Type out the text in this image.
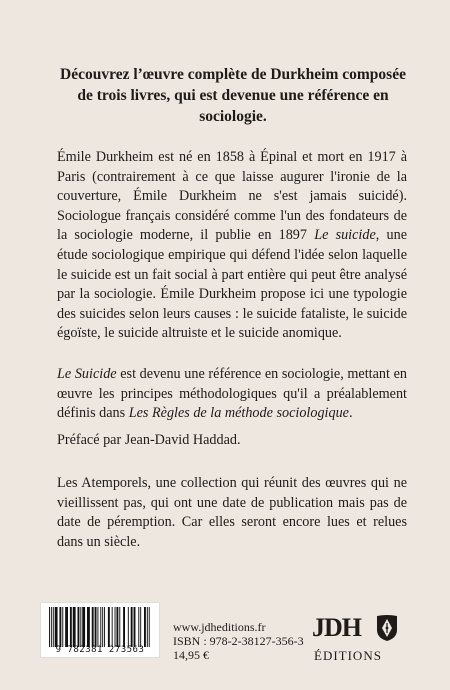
Découvrez l’œuvre complète de Durkheim composée de trois livres, qui est devenue une référence en sociologie.

Émile Durkheim est né en 1858 à Épinal et mort en 1917 à Paris (contrairement à ce que laisse augurer l'ironie de la couverture, Émile Durkheim ne s'est jamais suicidé). Sociologue français considéré comme l'un des fondateurs de la sociologie moderne, il publie en 1897 Le suicide, une étude sociologique empirique qui défend l'idée selon laquelle le suicide est un fait social à part entière qui peut être analysé par la sociologie. Émile Durkheim propose ici une typologie des suicides selon leurs causes : le suicide fataliste, le suicide égoïste, le suicide altruiste et le suicide anomique.

Le Suicide est devenu une référence en sociologie, mettant en œuvre les principes méthodologiques qu'il a préalablement définis dans Les Règles de la méthode sociologique.

Préfacé par Jean-David Haddad.

Les Atemporels, une collection qui réunit des œuvres qui ne vieillissent pas, qui ont une date de publication mais pas de date de péremption. Car elles seront encore lues et relues dans un siècle.

9 782381 273563
www.jdheditions.fr
ISBN : 978-2-38127-356-3
14,95 €
JDH
ÉDITIONS
